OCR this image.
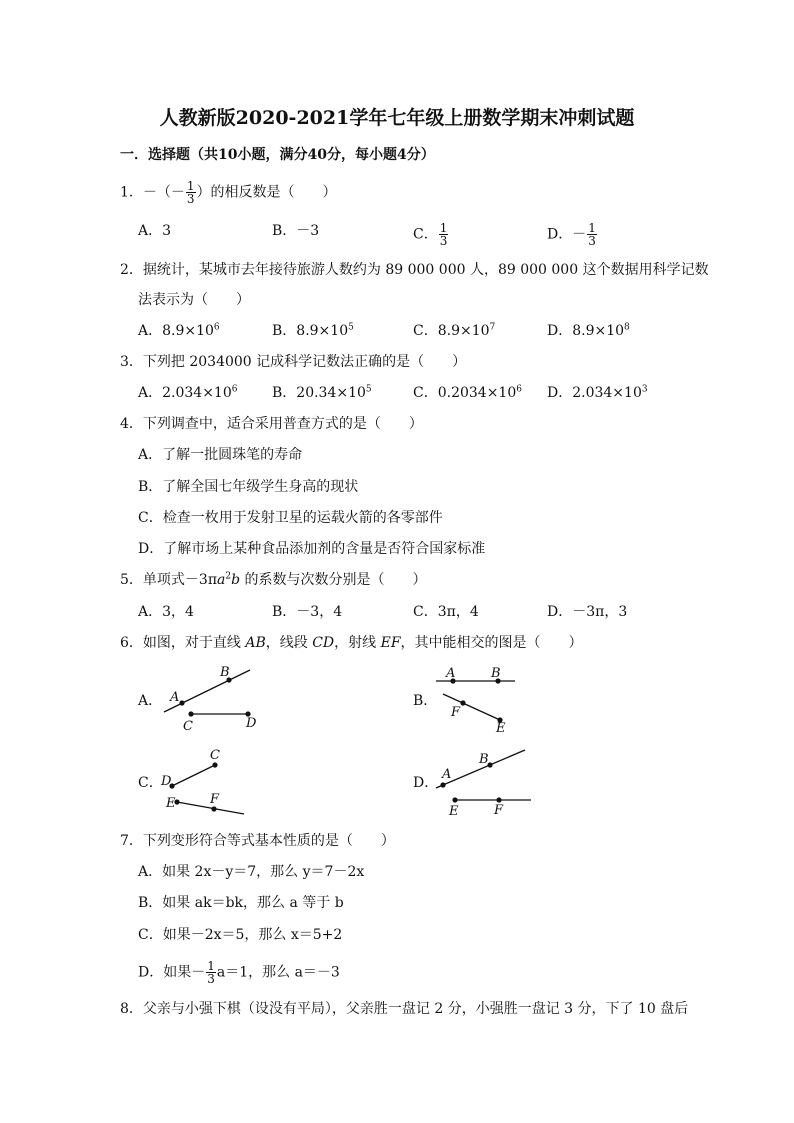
人教新版2020-2021学年七年级上册数学期末冲刺试题
一．选择题（共10小题，满分40分，每小题4分）
1．－（－ $\frac{1}{3}$ ）的相反数是（　　）
A．3	B．－3	C． $\frac{1}{3}$	D．－ $\frac{1}{3}$
2．据统计，某城市去年接待旅游人数约为 89 000 000 人，89 000 000 这个数据用科学记数
法表示为（　　）
A．$8.9\times 10^6$	B．$8.9\times 10^5$	C．$8.9\times 10^7$	D．$8.9\times 10^8$
3．下列把 2034000 记成科学记数法正确的是（　　）
A．$2.034\times 10^6$ B．$20.34\times 10^5$	C．$0.2034\times 10^6$ D．$2.034\times 10^3$
4．下列调查中，适合采用普查方式的是（　　）
A．了解一批圆珠笔的寿命
B．了解全国七年级学生身高的现状
C．检查一枚用于发射卫星的运载火箭的各零部件
D．了解市场上某种食品添加剂的含量是否符合国家标准
5．单项式$-3\pi a^2b$ 的系数与次数分别是（　　）
A．3，4	B．－3，4	C．3π，4	D．－3π，3
6．如图，对于直线 AB，线段 CD，射线 EF，其中能相交的图是（　　）
A． A
B
C	D
B．
A	B
F
E
C．
D
C
E	F
D．
A
B
E	F
7．下列变形符合等式基本性质的是（　　）
A．如果 2x－y＝7，那么 y＝7－2x
B．如果 ak＝bk，那么 a 等于 b
C．如果－2x＝5，那么 x＝5+2
D．如果－ $\frac{1}{3} a=1$，那么 a＝－3
8．父亲与小强下棋（设没有平局），父亲胜一盘记 2 分，小强胜一盘记 3 分，下了 10 盘后
